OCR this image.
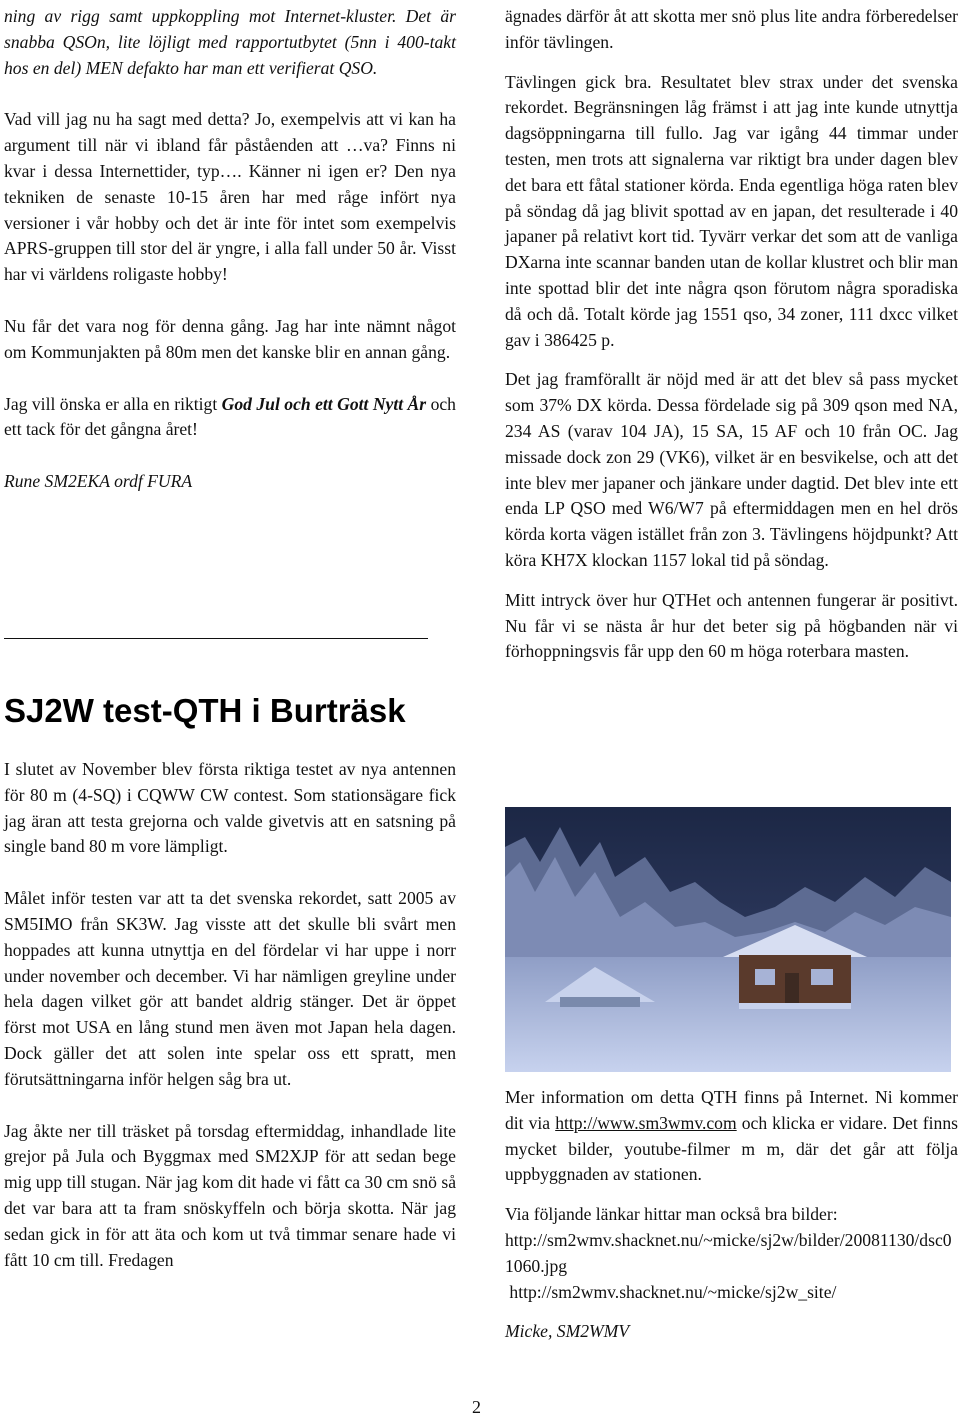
ning av rigg samt uppkoppling mot Internet-kluster. Det är snabba QSOn, lite löjligt med rapportutbytet (5nn i 400-takt hos en del) MEN defakto har man ett verifierat QSO.

Vad vill jag nu ha sagt med detta? Jo, exempelvis att vi kan ha argument till när vi ibland får påståenden att …va? Finns ni kvar i dessa Internettider, typ…. Känner ni igen er? Den nya tekniken de senaste 10-15 åren har med råge infört nya versioner i vår hobby och det är inte för intet som exempelvis APRS-gruppen till stor del är yngre, i alla fall under 50 år. Visst har vi världens roligaste hobby!

Nu får det vara nog för denna gång. Jag har inte nämnt något om Kommunjakten på 80m men det kanske blir en annan gång.

Jag vill önska er alla en riktigt God Jul och ett Gott Nytt År och ett tack för det gångna året!

Rune SM2EKA ordf FURA

SJ2W test-QTH i Burträsk

I slutet av November blev första riktiga testet av nya antennen för 80 m (4-SQ) i CQWW CW contest. Som stationsägare fick jag äran att testa grejorna och valde givetvis att en satsning på single band 80 m vore lämpligt.

Målet inför testen var att ta det svenska rekordet, satt 2005 av SM5IMO från SK3W. Jag visste att det skulle bli svårt men hoppades att kunna utnyttja en del fördelar vi har uppe i norr under november och december. Vi har nämligen greyline under hela dagen vilket gör att bandet aldrig stänger. Det är öppet först mot USA en lång stund men även mot Japan hela dagen. Dock gäller det att solen inte spelar oss ett spratt, men förutsättningarna inför helgen såg bra ut.

Jag åkte ner till träsket på torsdag eftermiddag, inhandlade lite grejor på Jula och Byggmax med SM2XJP för att sedan bege mig upp till stugan. När jag kom dit hade vi fått ca 30 cm snö så det var bara att ta fram snöskyffeln och börja skotta. När jag sedan gick in för att äta och kom ut två timmar senare hade vi fått 10 cm till. Fredagen

ägnades därför åt att skotta mer snö plus lite andra förberedelser inför tävlingen.

Tävlingen gick bra. Resultatet blev strax under det svenska rekordet. Begränsningen låg främst i att jag inte kunde utnyttja dagsöppningarna till fullo. Jag var igång 44 timmar under testen, men trots att signalerna var riktigt bra under dagen blev det bara ett fåtal stationer körda. Enda egentliga höga raten blev på söndag då jag blivit spottad av en japan, det resulterade i 40 japaner på relativt kort tid. Tyvärr verkar det som att de vanliga DXarna inte scannar banden utan de kollar klustret och blir man inte spottad blir det inte några qson förutom några sporadiska då och då. Totalt körde jag 1551 qso, 34 zoner, 111 dxcc vilket gav i 386425 p.

Det jag framförallt är nöjd med är att det blev så pass mycket som 37% DX körda. Dessa fördelade sig på 309 qson med NA, 234 AS (varav 104 JA), 15 SA, 15 AF och 10 från OC. Jag missade dock zon 29 (VK6), vilket är en besvikelse, och att det inte blev mer japaner och jänkare under dagtid. Det blev inte ett enda LP QSO med W6/W7 på eftermiddagen men en hel drös körda korta vägen istället från zon 3. Tävlingens höjdpunkt? Att köra KH7X klockan 1157 lokal tid på söndag.

Mitt intryck över hur QTHet och antennen fungerar är positivt. Nu får vi se nästa år hur det beter sig på högbanden när vi förhoppningsvis får upp den 60 m höga roterbara masten.

Mer information om detta QTH finns på Internet. Ni kommer dit via http://www.sm3wmv.com och klicka er vidare. Det finns mycket bilder, youtube-filmer m m, där det går att följa uppbyggnaden av stationen.

Via följande länkar hittar man också bra bilder:

http://sm2wmv.shacknet.nu/~micke/sj2w/bilder/20081130/dsc01060.jpg

http://sm2wmv.shacknet.nu/~micke/sj2w_site/

Micke, SM2WMV

2
